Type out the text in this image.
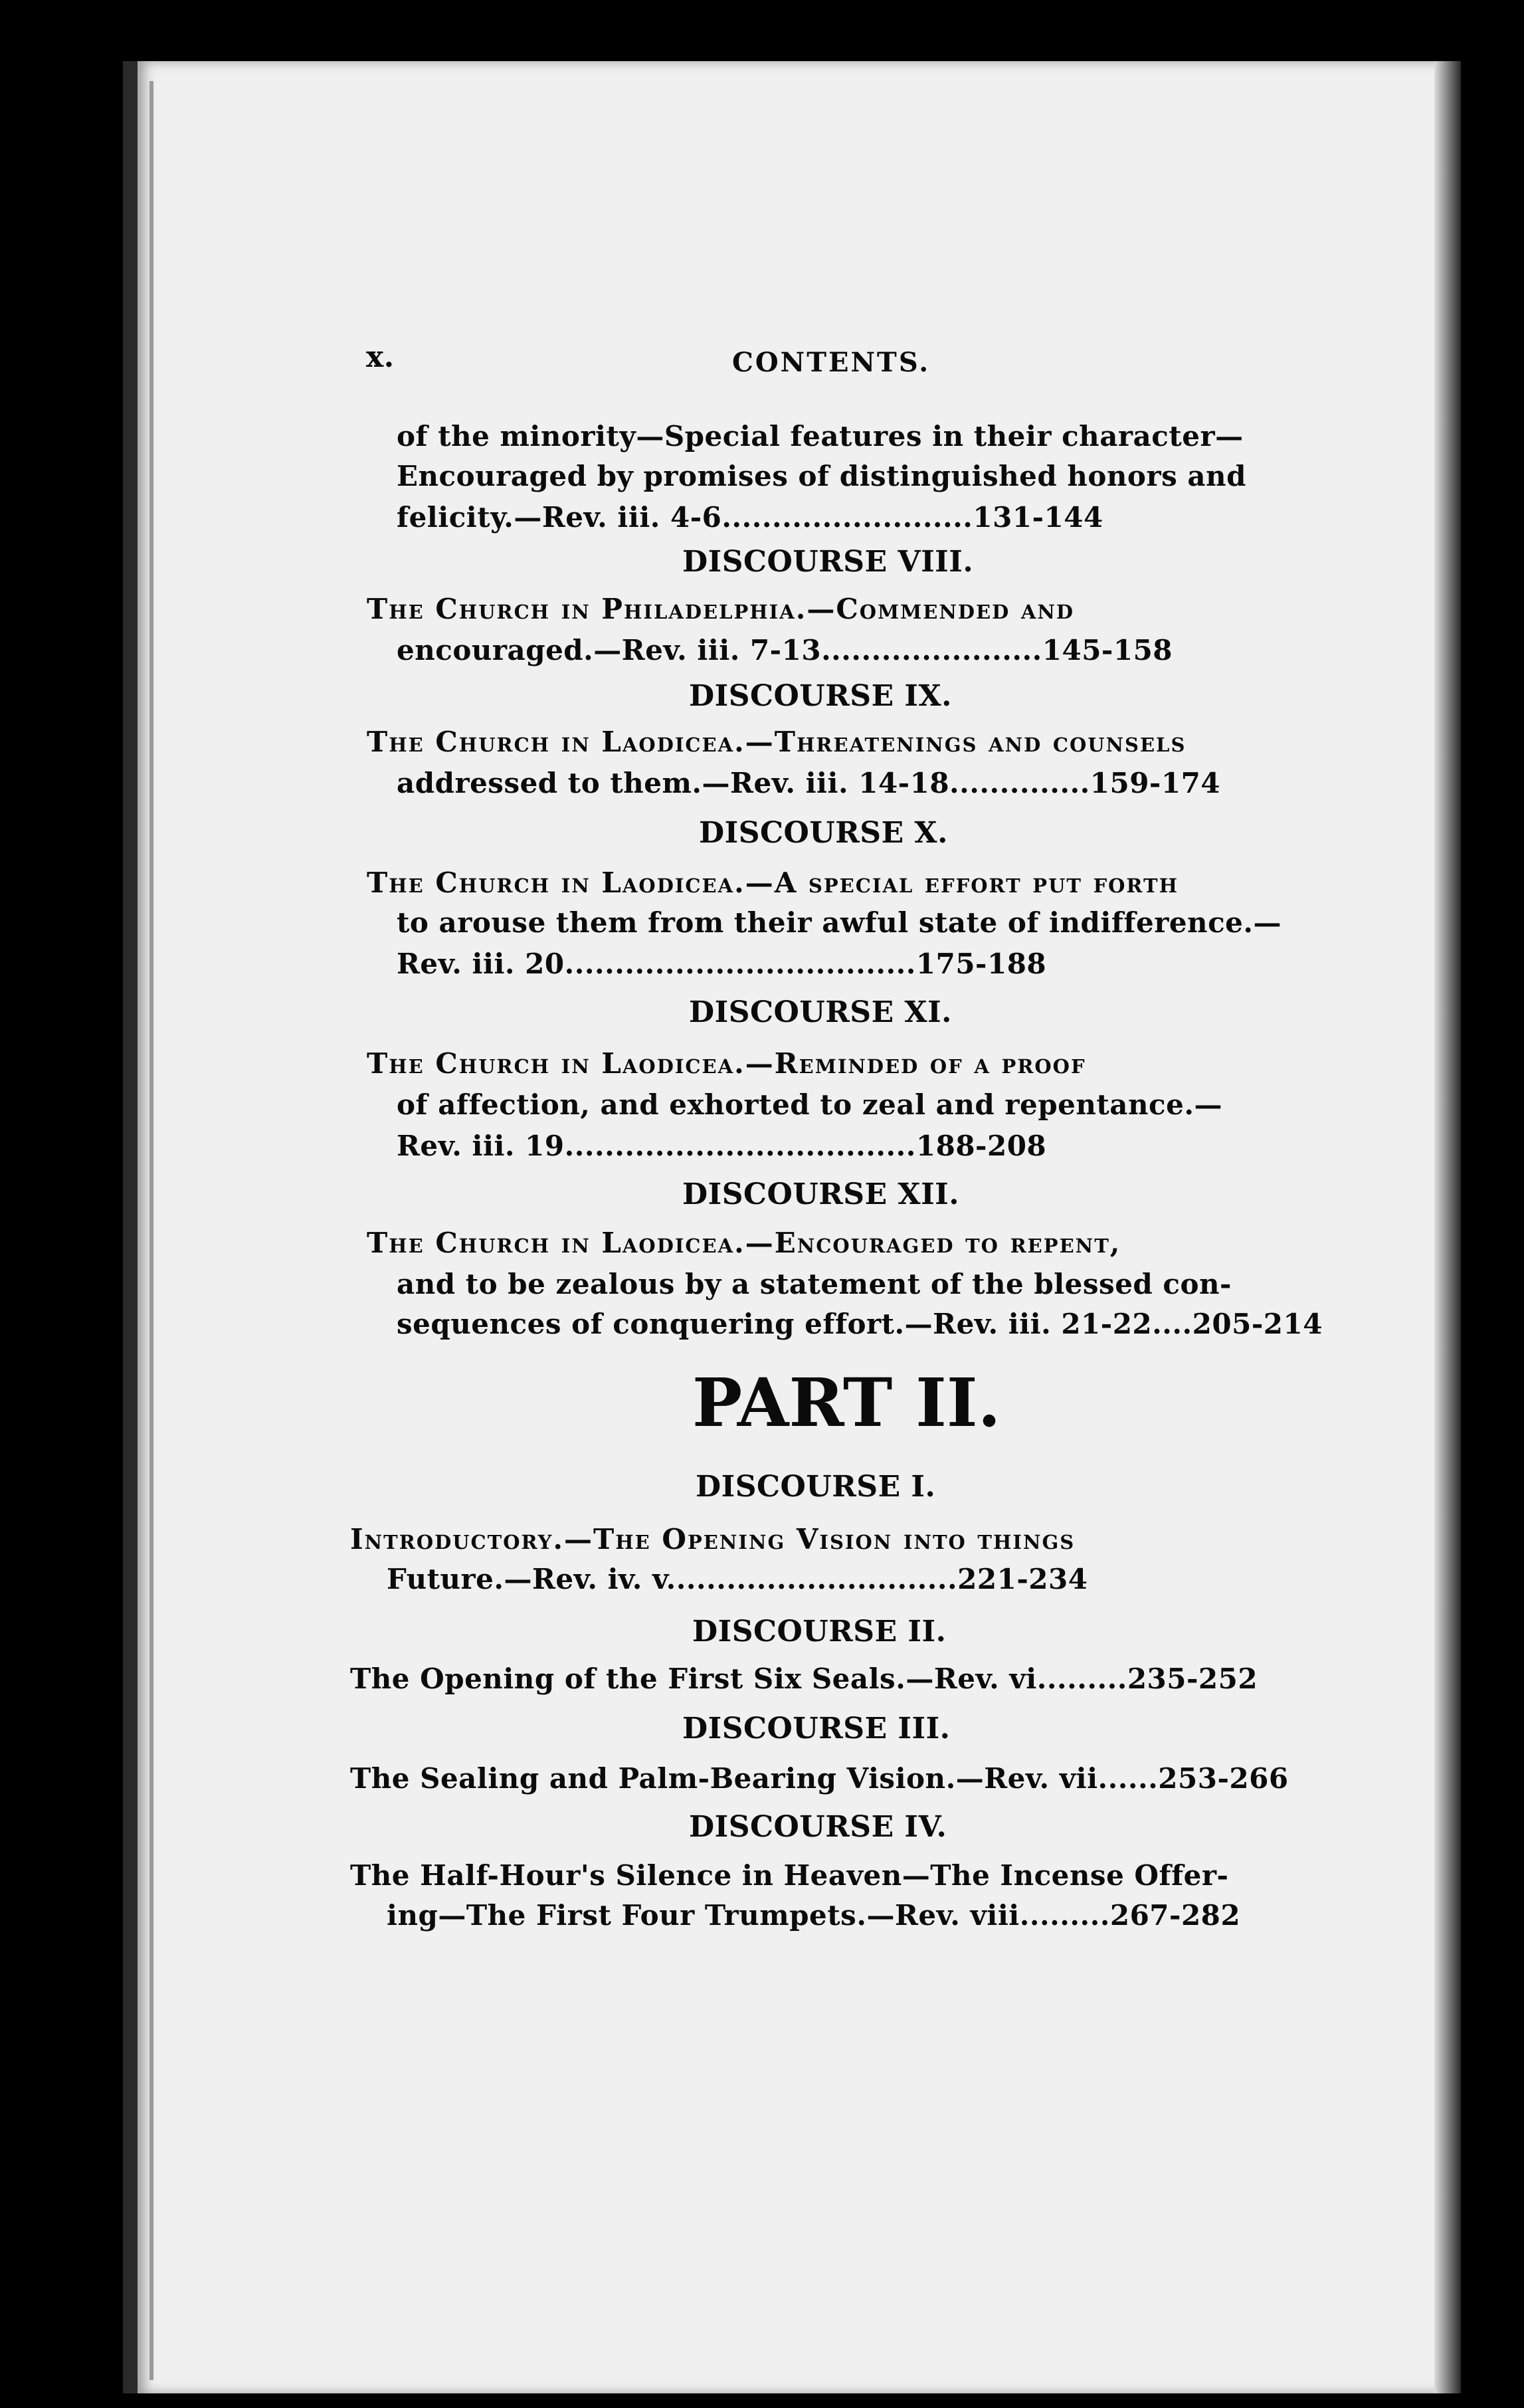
x.	CONTENTS.
of the minority—Special features in their character—
Encouraged by promises of distinguished honors and
felicity.—Rev. iii. 4-6.........................131-144
DISCOURSE VIII.
The Church in Philadelphia.—Commended and
encouraged.—Rev. iii. 7-13......................145-158
DISCOURSE IX.
The Church in Laodicea.—Threatenings and counsels
addressed to them.—Rev. iii. 14-18..............159-174
DISCOURSE X.
The Church in Laodicea.—A special effort put forth
to arouse them from their awful state of indifference.—
Rev. iii. 20...................................175-188
DISCOURSE XI.
The Church in Laodicea.—Reminded of a proof
of affection, and exhorted to zeal and repentance.—
Rev. iii. 19...................................188-208
DISCOURSE XII.
The Church in Laodicea.—Encouraged to repent,
and to be zealous by a statement of the blessed con-
sequences of conquering effort.—Rev. iii. 21-22....205-214
PART II.
DISCOURSE I.
Introductory.—The Opening Vision into things
Future.—Rev. iv. v.............................221-234
DISCOURSE II.
The Opening of the First Six Seals.—Rev. vi.........235-252
DISCOURSE III.
The Sealing and Palm-Bearing Vision.—Rev. vii......253-266
DISCOURSE IV.
The Half-Hour's Silence in Heaven—The Incense Offer-
ing—The First Four Trumpets.—Rev. viii.........267-282
